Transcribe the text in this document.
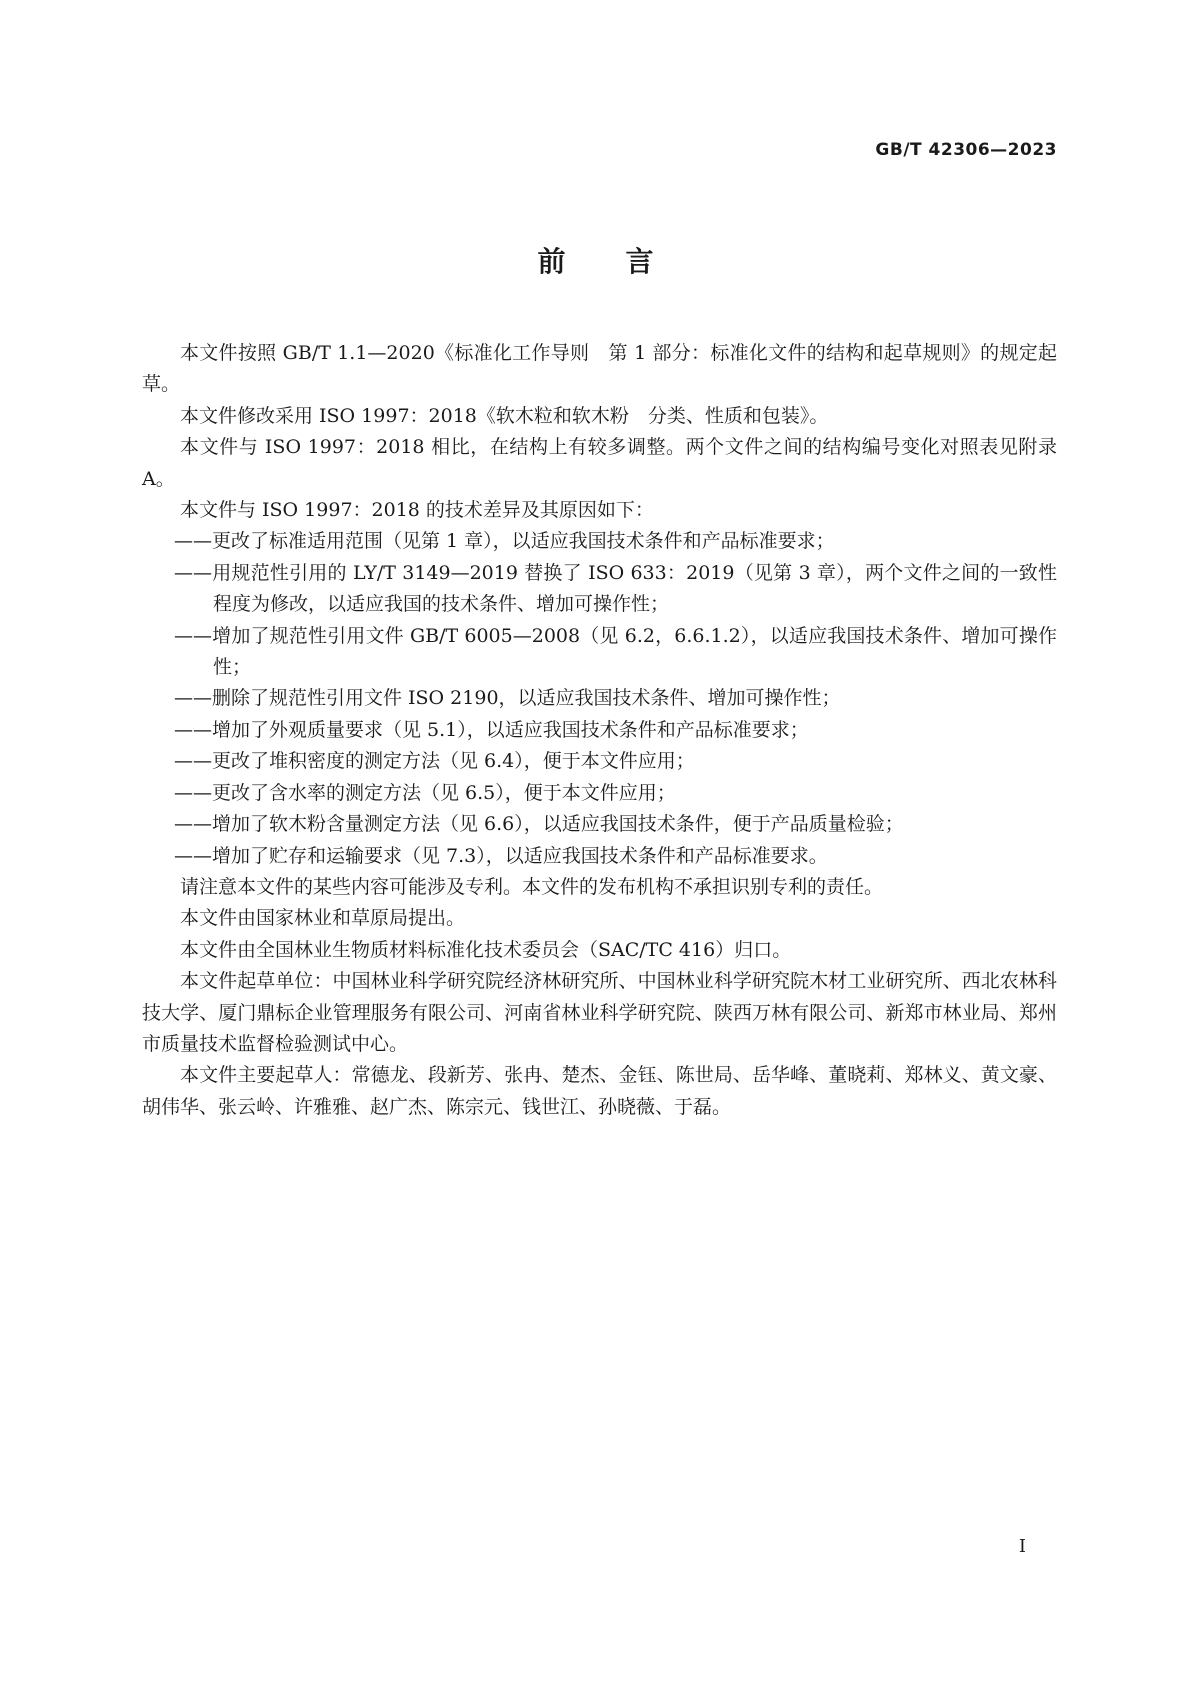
GB/T 42306—2023
前言

本文件按照 GB/T 1.1—2020《标准化工作导则　第 1 部分：标准化文件的结构和起草规则》的规定起草。

本文件修改采用 ISO 1997：2018《软木粒和软木粉　分类、性质和包装》。

本文件与 ISO 1997：2018 相比，在结构上有较多调整。两个文件之间的结构编号变化对照表见附录 A。

本文件与 ISO 1997：2018 的技术差异及其原因如下：

——更改了标准适用范围（见第 1 章），以适应我国技术条件和产品标准要求；

——用规范性引用的 LY/T 3149—2019 替换了 ISO 633：2019（见第 3 章），两个文件之间的一致性程度为修改，以适应我国的技术条件、增加可操作性；

——增加了规范性引用文件 GB/T 6005—2008（见 6.2，6.6.1.2），以适应我国技术条件、增加可操作性；

——删除了规范性引用文件 ISO 2190，以适应我国技术条件、增加可操作性；

——增加了外观质量要求（见 5.1），以适应我国技术条件和产品标准要求；

——更改了堆积密度的测定方法（见 6.4），便于本文件应用；

——更改了含水率的测定方法（见 6.5），便于本文件应用；

——增加了软木粉含量测定方法（见 6.6），以适应我国技术条件，便于产品质量检验；

——增加了贮存和运输要求（见 7.3），以适应我国技术条件和产品标准要求。

请注意本文件的某些内容可能涉及专利。本文件的发布机构不承担识别专利的责任。

本文件由国家林业和草原局提出。

本文件由全国林业生物质材料标准化技术委员会（SAC/TC 416）归口。

本文件起草单位：中国林业科学研究院经济林研究所、中国林业科学研究院木材工业研究所、西北农林科技大学、厦门鼎标企业管理服务有限公司、河南省林业科学研究院、陕西万林有限公司、新郑市林业局、郑州市质量技术监督检验测试中心。

本文件主要起草人：常德龙、段新芳、张冉、楚杰、金钰、陈世局、岳华峰、董晓莉、郑林义、黄文豪、胡伟华、张云岭、许雅雅、赵广杰、陈宗元、钱世江、孙晓薇、于磊。

I
